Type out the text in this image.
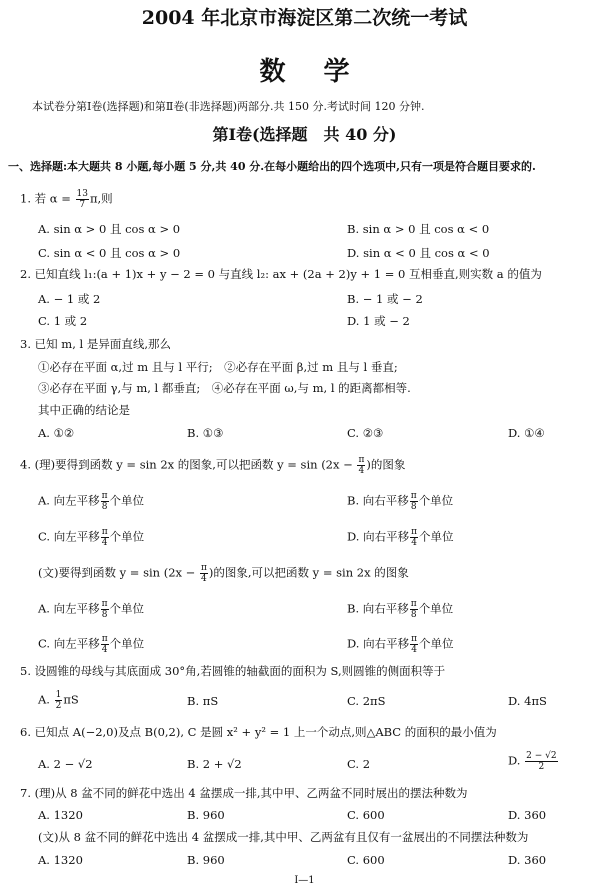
2004 年北京市海淀区第二次统一考试
数学
本试卷分第Ⅰ卷(选择题)和第Ⅱ卷(非选择题)两部分.共 150 分.考试时间 120 分钟.
第Ⅰ卷(选择题　共 40 分)
一、选择题:本大题共 8 小题,每小题 5 分,共 40 分.在每小题给出的四个选项中,只有一项是符合题目要求的.
1. 若 $\alpha = \frac{13}{7} \pi$,则
A. sin α > 0 且 cos α > 0	B. sin α > 0 且 cos α < 0
C. sin α < 0 且 cos α > 0	D. sin α < 0 且 cos α < 0
2. 已知直线 l₁:(a + 1)x + y − 2 = 0 与直线 l₂: ax + (2a + 2)y + 1 = 0 互相垂直,则实数 a 的值为
A. − 1 或 2	B. − 1 或 − 2
C. 1 或 2	D. 1 或 − 2
3. 已知 m, l 是异面直线,那么
①必存在平面 α,过 m 且与 l 平行;　②必存在平面 β,过 m 且与 l 垂直;
③必存在平面 γ,与 m, l 都垂直;　④必存在平面 ω,与 m, l 的距离都相等.
其中正确的结论是
A. ①②	B. ①③	C. ②③	D. ①④
4. (理)要得到函数 y = sin 2x 的图象,可以把函数 $y = \sin (2x - \frac{\pi}{4}$ )的图象
A. 向左平移 $\frac{\pi}{8}$ 个单位	B. 向右平移 $\frac{\pi}{8}$ 个单位
C. 向左平移 $\frac{\pi}{4}$ 个单位	D. 向右平移 $\frac{\pi}{4}$ 个单位
(文)要得到函数 $y = \sin (2x - \frac{\pi}{4}$ )的图象,可以把函数 y = sin 2x 的图象
A. 向左平移 $\frac{\pi}{8}$ 个单位	B. 向右平移 $\frac{\pi}{8}$ 个单位
C. 向左平移 $\frac{\pi}{4}$ 个单位	D. 向右平移 $\frac{\pi}{4}$ 个单位
5. 设圆锥的母线与其底面成 30°角,若圆锥的轴截面的面积为 S,则圆锥的侧面积等于
A. $\frac{1}{2}$ πS	B. πS	C. 2πS	D. 4πS
6. 已知点 A(−2,0)及点 B(0,2), C 是圆 x² + y² = 1 上一个动点,则△ABC 的面积的最小值为
A. 2 − √2	B. 2 + √2	C. 2	D. $\frac{2 - √2}{2}$
7. (理)从 8 盆不同的鲜花中选出 4 盆摆成一排,其中甲、乙两盆不同时展出的摆法种数为
A. 1320	B. 960	C. 600	D. 360
(文)从 8 盆不同的鲜花中选出 4 盆摆成一排,其中甲、乙两盆有且仅有一盆展出的不同摆法种数为
A. 1320	B. 960	C. 600	D. 360
Ⅰ—1
